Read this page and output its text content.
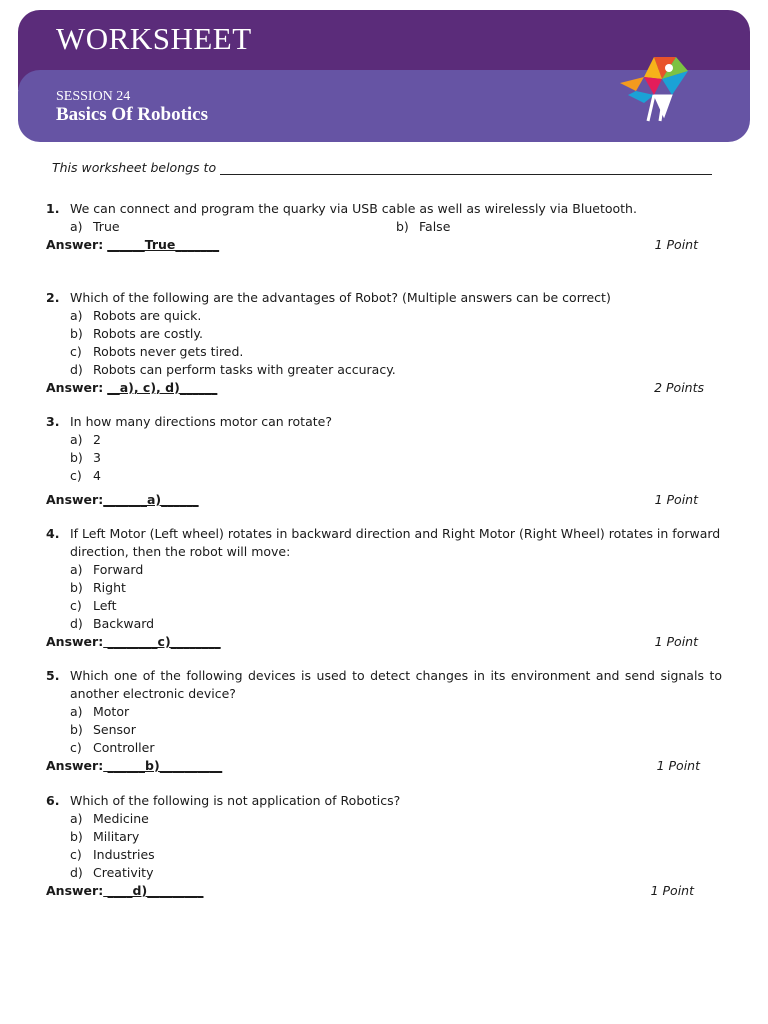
WORKSHEET
SESSION 24
Basics Of Robotics
This worksheet belongs to
1. We can connect and program the quarky via USB cable as well as wirelessly via Bluetooth.
a) True	b) False
Answer: ______True_______	1 Point
2. Which of the following are the advantages of Robot? (Multiple answers can be correct)
a) Robots are quick.
b) Robots are costly.
c) Robots never gets tired.
d) Robots can perform tasks with greater accuracy.
Answer: __a), c), d)______	2 Points
3. In how many directions motor can rotate?
a) 2
b) 3
c) 4
Answer:_______a)______	1 Point
4. If Left Motor (Left wheel) rotates in backward direction and Right Motor (Right Wheel) rotates in forward direction, then the robot will move:
a) Forward
b) Right
c) Left
d) Backward
Answer: ________c)________	1 Point
5. Which one of the following devices is used to detect changes in its environment and send signals to another electronic device?
a) Motor
b) Sensor
c) Controller
Answer: ______b)__________	1 Point
6. Which of the following is not application of Robotics?
a) Medicine
b) Military
c) Industries
d) Creativity
Answer: ____d)_________	1 Point
